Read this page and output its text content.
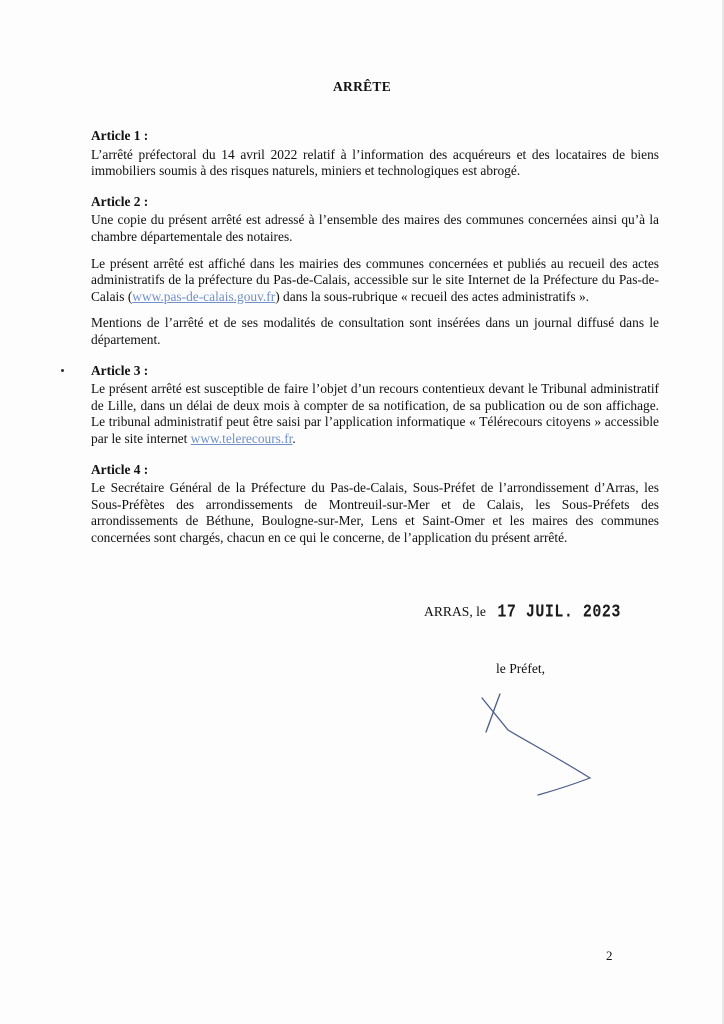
ARRÊTE

Article 1 :

L’arrêté préfectoral du 14 avril 2022 relatif à l’information des acquéreurs et des locataires de biens immobiliers soumis à des risques naturels, miniers et technologiques est abrogé.

Article 2 :

Une copie du présent arrêté est adressé à l’ensemble des maires des communes concernées ainsi qu’à la chambre départementale des notaires.

Le présent arrêté est affiché dans les mairies des communes concernées et publiés au recueil des actes administratifs de la préfecture du Pas-de-Calais, accessible sur le site Internet de la Préfecture du Pas-de-Calais (www.pas-de-calais.gouv.fr) dans la sous-rubrique « recueil des actes administratifs ».

Mentions de l’arrêté et de ses modalités de consultation sont insérées dans un journal diffusé dans le département.

Article 3 :

Le présent arrêté est susceptible de faire l’objet d’un recours contentieux devant le Tribunal administratif de Lille, dans un délai de deux mois à compter de sa notification, de sa publication ou de son affichage. Le tribunal administratif peut être saisi par l’application informatique « Télérecours citoyens » accessible par le site internet www.telerecours.fr.

Article 4 :

Le Secrétaire Général de la Préfecture du Pas-de-Calais, Sous-Préfet de l’arrondissement d’Arras, les Sous-Préfètes des arrondissements de Montreuil-sur-Mer et de Calais, les Sous-Préfets des arrondissements de Béthune, Boulogne-sur-Mer, Lens et Saint-Omer et les maires des communes concernées sont chargés, chacun en ce qui le concerne, de l’application du présent arrêté.

ARRAS, le 17 JUIL. 2023
le Préfet,
2
